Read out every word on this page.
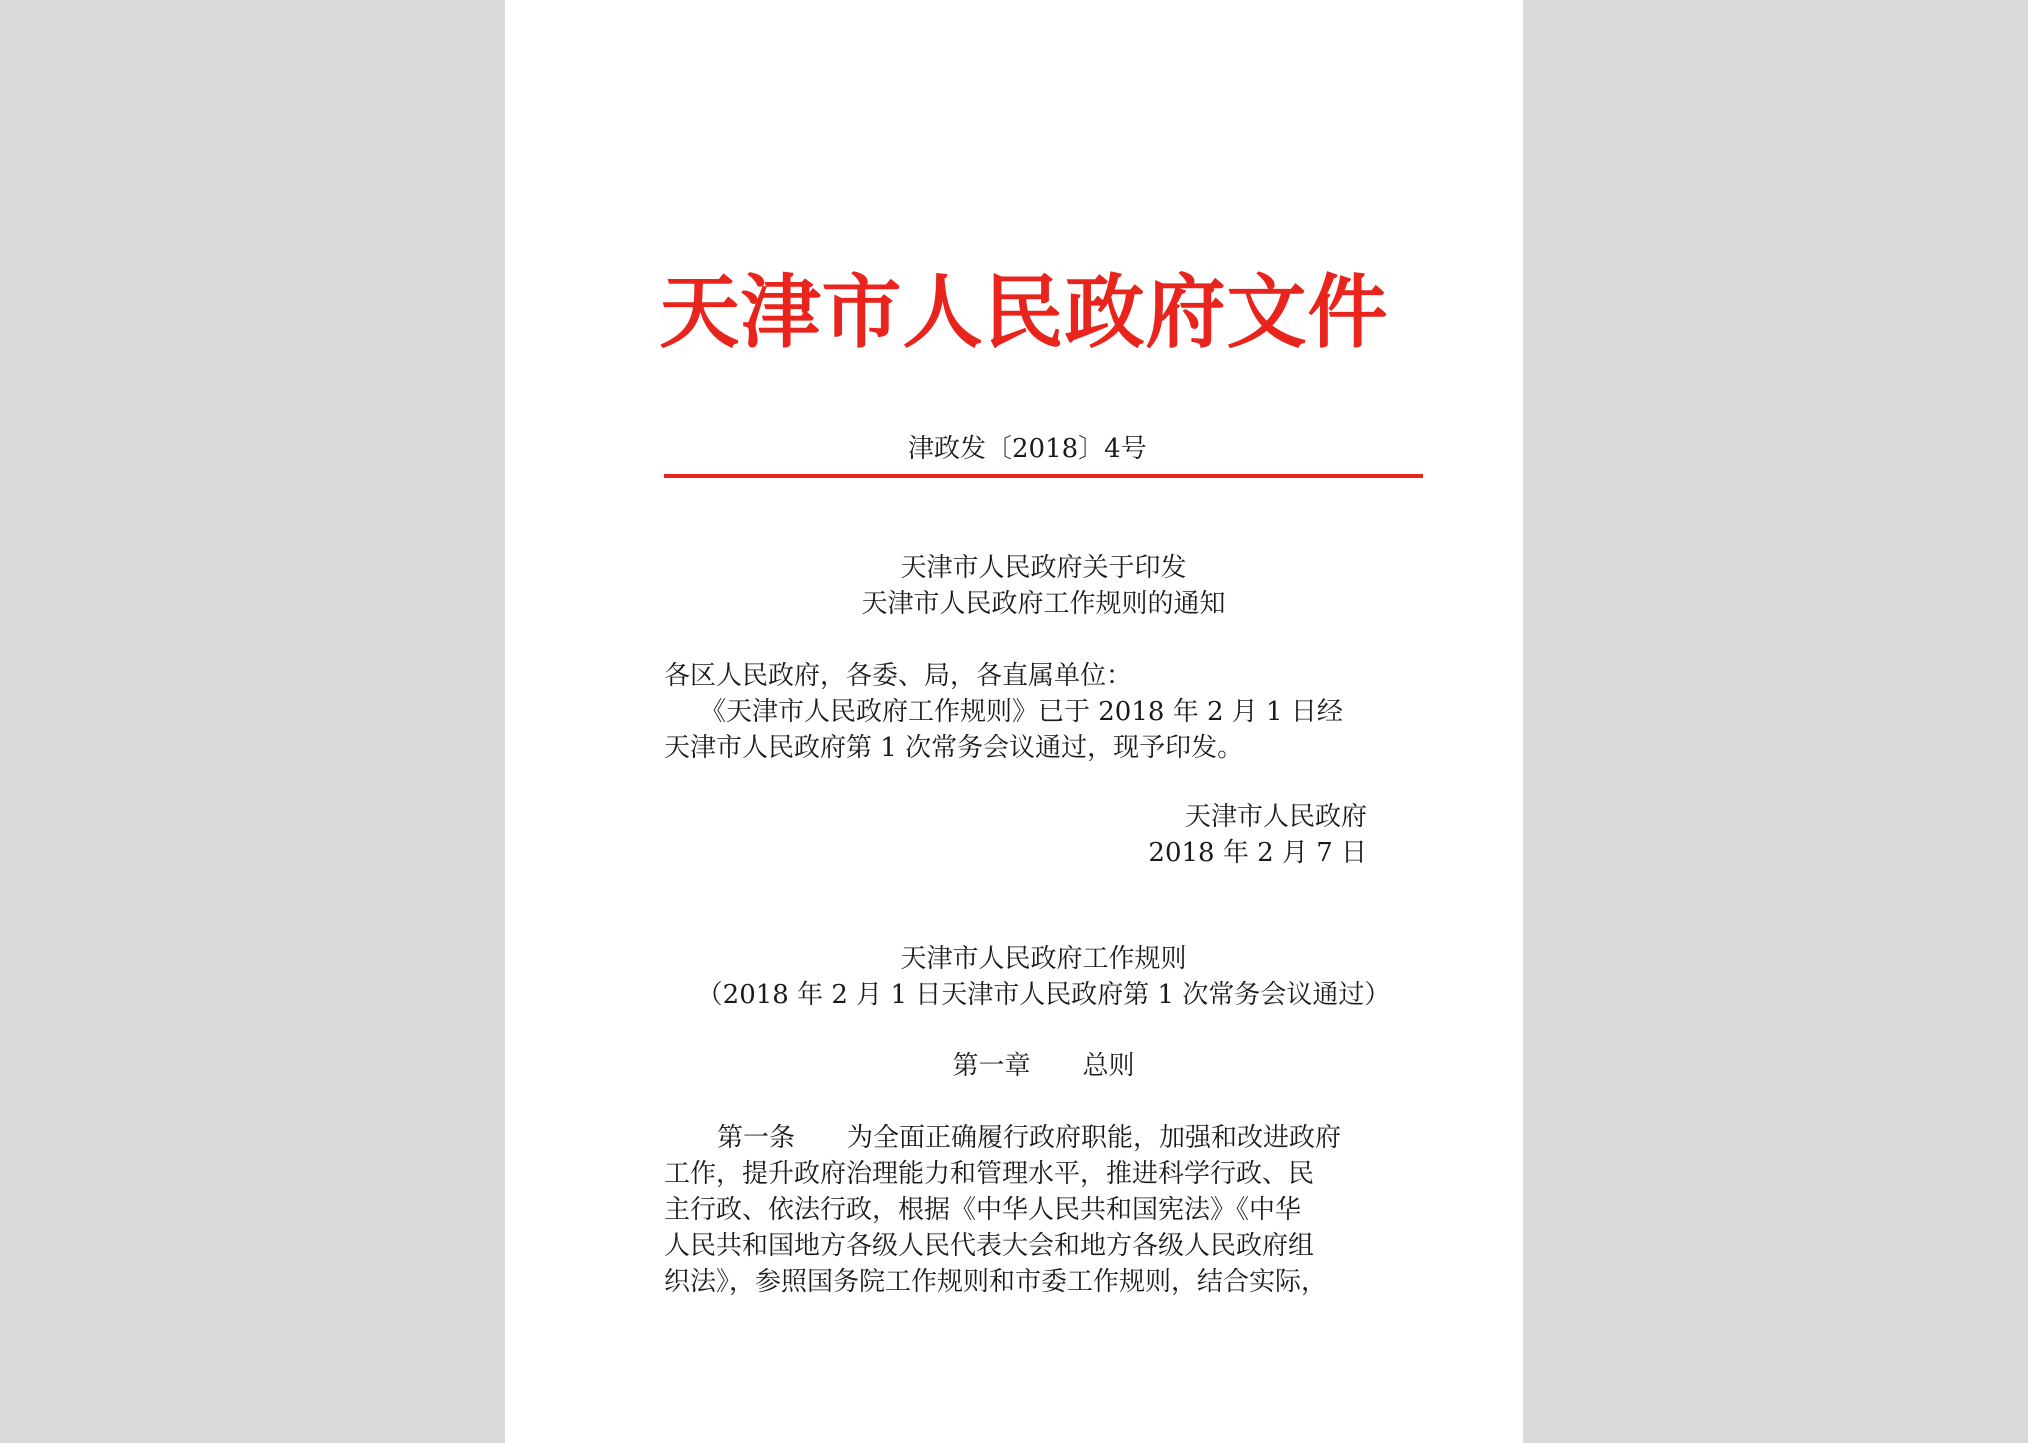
天津市人民政府文件
津政发〔2018〕4号
天津市人民政府关于印发
天津市人民政府工作规则的通知
各区人民政府，各委、局，各直属单位：
《天津市人民政府工作规则》已于 2018 年 2 月 1 日经
天津市人民政府第 1 次常务会议通过，现予印发。
天津市人民政府
2018 年 2 月 7 日
天津市人民政府工作规则
（2018 年 2 月 1 日天津市人民政府第 1 次常务会议通过）
第一章　　总则
第一条　　为全面正确履行政府职能，加强和改进政府
工作，提升政府治理能力和管理水平，推进科学行政、民
主行政、依法行政，根据《中华人民共和国宪法》《中华
人民共和国地方各级人民代表大会和地方各级人民政府组
织法》，参照国务院工作规则和市委工作规则，结合实际，
